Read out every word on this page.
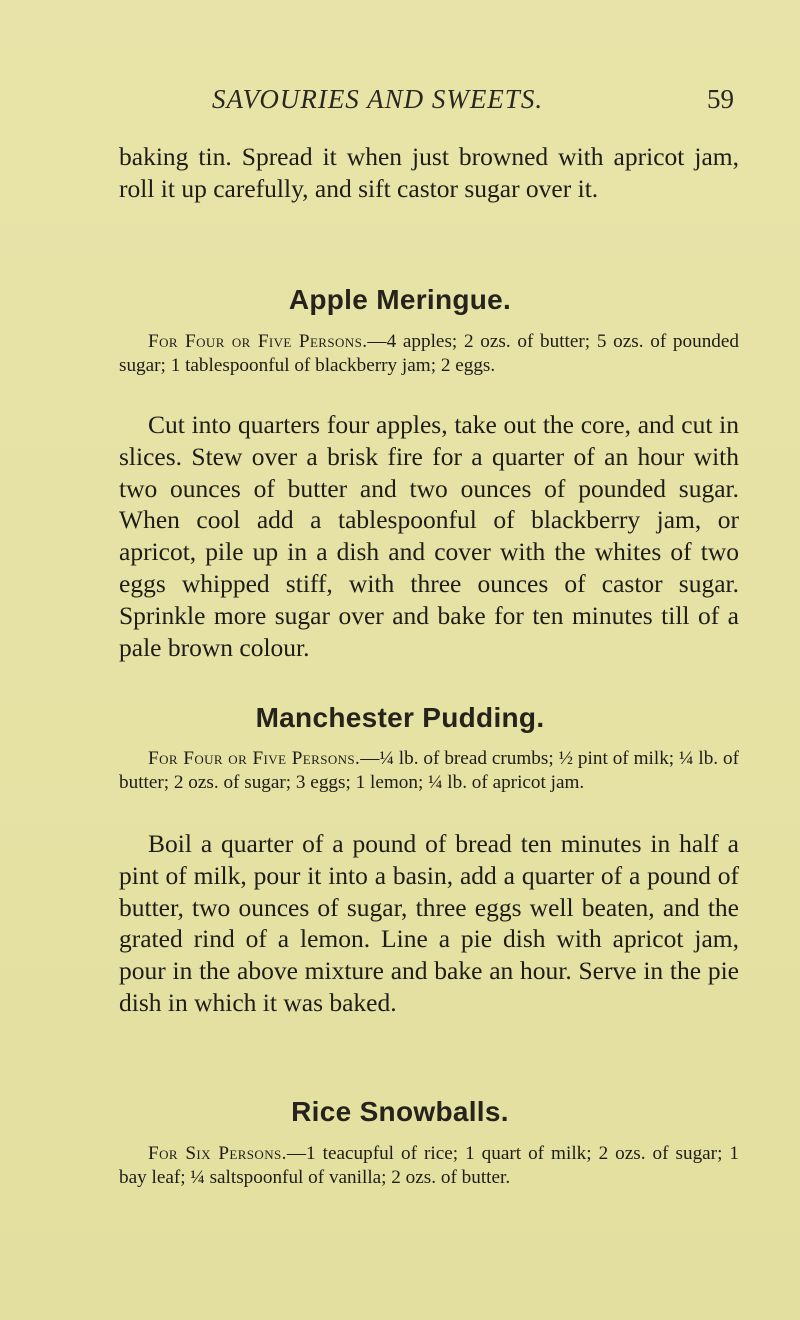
SAVOURIES AND SWEETS.	59

baking tin. Spread it when just browned with apricot jam, roll it up carefully, and sift castor sugar over it.

Apple Meringue.

For Four or Five Persons.—4 apples; 2 ozs. of butter; 5 ozs. of pounded sugar; 1 tablespoonful of blackberry jam; 2 eggs.

Cut into quarters four apples, take out the core, and cut in slices. Stew over a brisk fire for a quarter of an hour with two ounces of butter and two ounces of pounded sugar. When cool add a tablespoonful of blackberry jam, or apricot, pile up in a dish and cover with the whites of two eggs whipped stiff, with three ounces of castor sugar. Sprinkle more sugar over and bake for ten minutes till of a pale brown colour.

Manchester Pudding.

For Four or Five Persons.—¼ lb. of bread crumbs; ½ pint of milk; ¼ lb. of butter; 2 ozs. of sugar; 3 eggs; 1 lemon; ¼ lb. of apricot jam.

Boil a quarter of a pound of bread ten minutes in half a pint of milk, pour it into a basin, add a quarter of a pound of butter, two ounces of sugar, three eggs well beaten, and the grated rind of a lemon. Line a pie dish with apricot jam, pour in the above mixture and bake an hour. Serve in the pie dish in which it was baked.

Rice Snowballs.

For Six Persons.—1 teacupful of rice; 1 quart of milk; 2 ozs. of sugar; 1 bay leaf; ¼ saltspoonful of vanilla; 2 ozs. of butter.
